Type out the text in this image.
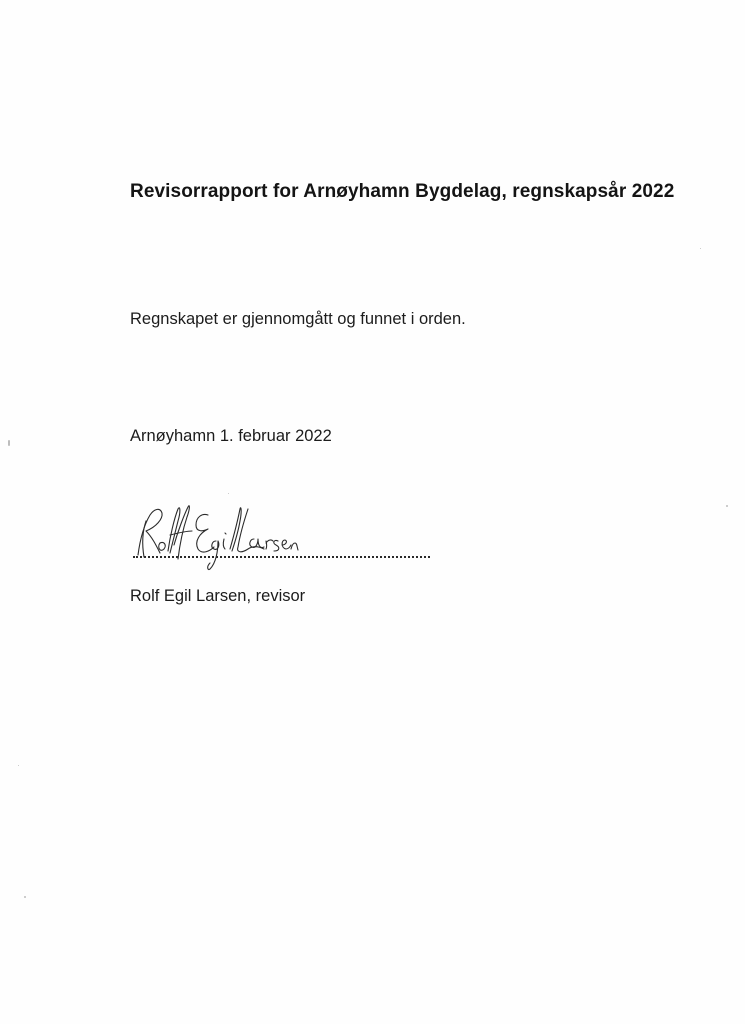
Revisorrapport for Arnøyhamn Bygdelag, regnskapsår 2022
Regnskapet er gjennomgått og funnet i orden.
Arnøyhamn 1. februar 2022
Rolf Egil Larsen, revisor
